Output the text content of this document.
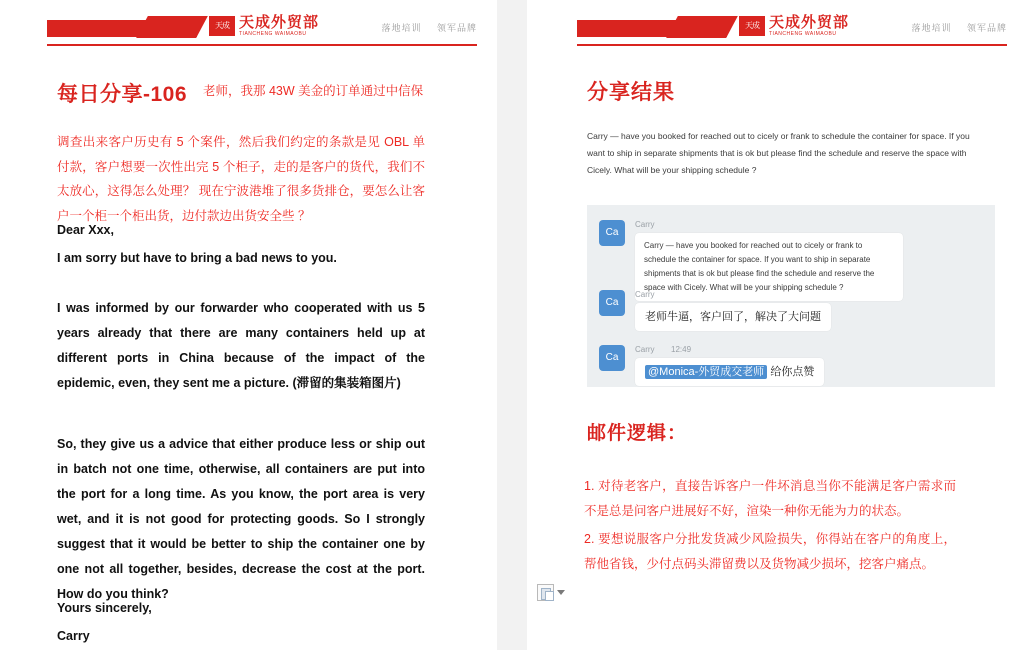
天成 天成外贸部
TIANCHENG WAIMAOBU
落地培训 领军品牌
每日分享-106 老师，我那 43W 美金的订单通过中信保
调查出来客户历史有 5 个案件，然后我们约定的条款是见 OBL 单付款，客户想要一次性出完 5 个柜子，走的是客户的货代，我们不太放心，这得怎么处理？ 现在宁波港堆了很多货排仓，要怎么让客户一个柜一个柜出货，边付款边出货安全些 ？
Dear Xxx,
I am sorry but have to bring a bad news to you.
I was informed by our forwarder who cooperated with us 5 years already that there are many containers held up at different ports in China because of the impact of the epidemic, even, they sent me a picture. (滞留的集装箱图片)
So, they give us a advice that either produce less or ship out in batch not one time, otherwise, all containers are put into the port for a long time. As you know, the port area is very wet, and it is not good for protecting goods. So I strongly suggest that it would be better to ship the container one by one not all together, besides, decrease the cost at the port. How do you think?
Yours sincerely,
Carry
天成 天成外贸部
TIANCHENG WAIMAOBU
落地培训 领军品牌
分享结果
Carry — have you booked for reached out to cicely or frank to schedule the container for space. If you want to ship in separate shipments that is ok but please find the schedule and reserve the space with Cicely. What will be your shipping schedule ?
Ca
Carry
Carry — have you booked for reached out to cicely or frank to schedule the container for space. If you want to ship in separate shipments that is ok but please find the schedule and reserve the space with Cicely. What will be your shipping schedule ?
Ca
Carry
老师牛逼，客户回了，解决了大问题
Ca
Carry 12:49
@Monica-外贸成交老师 给你点赞
邮件逻辑：
1. 对待老客户，直接告诉客户一件坏消息当你不能满足客户需求而不是总是问客户进展好不好，渲染一种你无能为力的状态。
2. 要想说服客户分批发货减少风险损失，你得站在客户的角度上，帮他省钱，少付点码头滞留费以及货物减少损坏，挖客户痛点。
